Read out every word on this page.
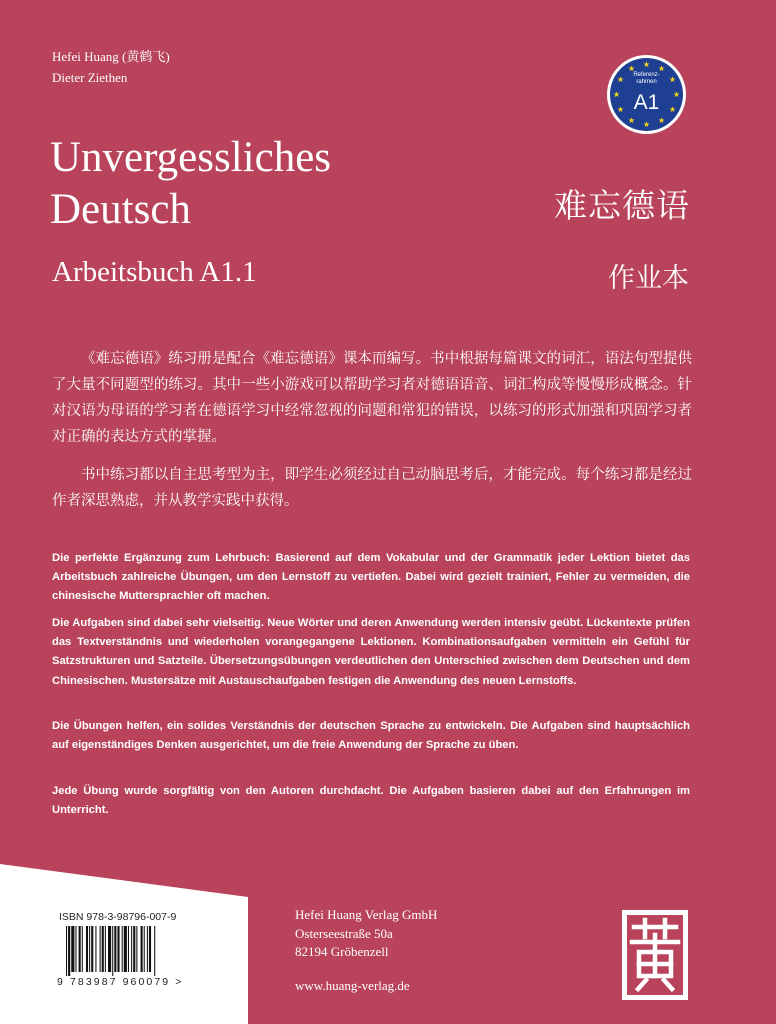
Hefei Huang (黄鹤飞)
Dieter Ziethen	Referenz-
rahmen
A1
Unvergessliches
Deutsch	难忘德语
Arbeitsbuch A1.1	作业本
《难忘德语》练习册是配合《难忘德语》课本而编写。书中根据每篇课文的词汇，语法句型提供了大量不同题型的练习。其中一些小游戏可以帮助学习者对德语语音、词汇构成等慢慢形成概念。针对汉语为母语的学习者在德语学习中经常忽视的问题和常犯的错误，以练习的形式加强和巩固学习者对正确的表达方式的掌握。
书中练习都以自主思考型为主，即学生必须经过自己动脑思考后，才能完成。每个练习都是经过作者深思熟虑，并从教学实践中获得。
Die perfekte Ergänzung zum Lehrbuch: Basierend auf dem Vokabular und der Grammatik jeder Lektion bietet das Arbeitsbuch zahlreiche Übungen, um den Lernstoff zu vertiefen. Dabei wird gezielt trainiert, Fehler zu vermeiden, die chinesische Muttersprachler oft machen.
Die Aufgaben sind dabei sehr vielseitig. Neue Wörter und deren Anwendung werden intensiv geübt. Lückentexte prüfen das Textverständnis und wiederholen vorangegangene Lektionen. Kombinationsaufgaben vermitteln ein Gefühl für Satzstrukturen und Satzteile. Übersetzungsübungen verdeutlichen den Unterschied zwischen dem Deutschen und dem Chinesischen. Mustersätze mit Austauschaufgaben festigen die Anwendung des neuen Lernstoffs.
Die Übungen helfen, ein solides Verständnis der deutschen Sprache zu entwickeln. Die Aufgaben sind hauptsächlich auf eigenständiges Denken ausgerichtet, um die freie Anwendung der Sprache zu üben.
Jede Übung wurde sorgfältig von den Autoren durchdacht. Die Aufgaben basieren dabei auf den Erfahrungen im Unterricht.
ISBN 978-3-98796-007-9
9 783987 960079 >
Hefei Huang Verlag GmbH
Osterseestraße 50a
82194 Gröbenzell
www.huang-verlag.de
